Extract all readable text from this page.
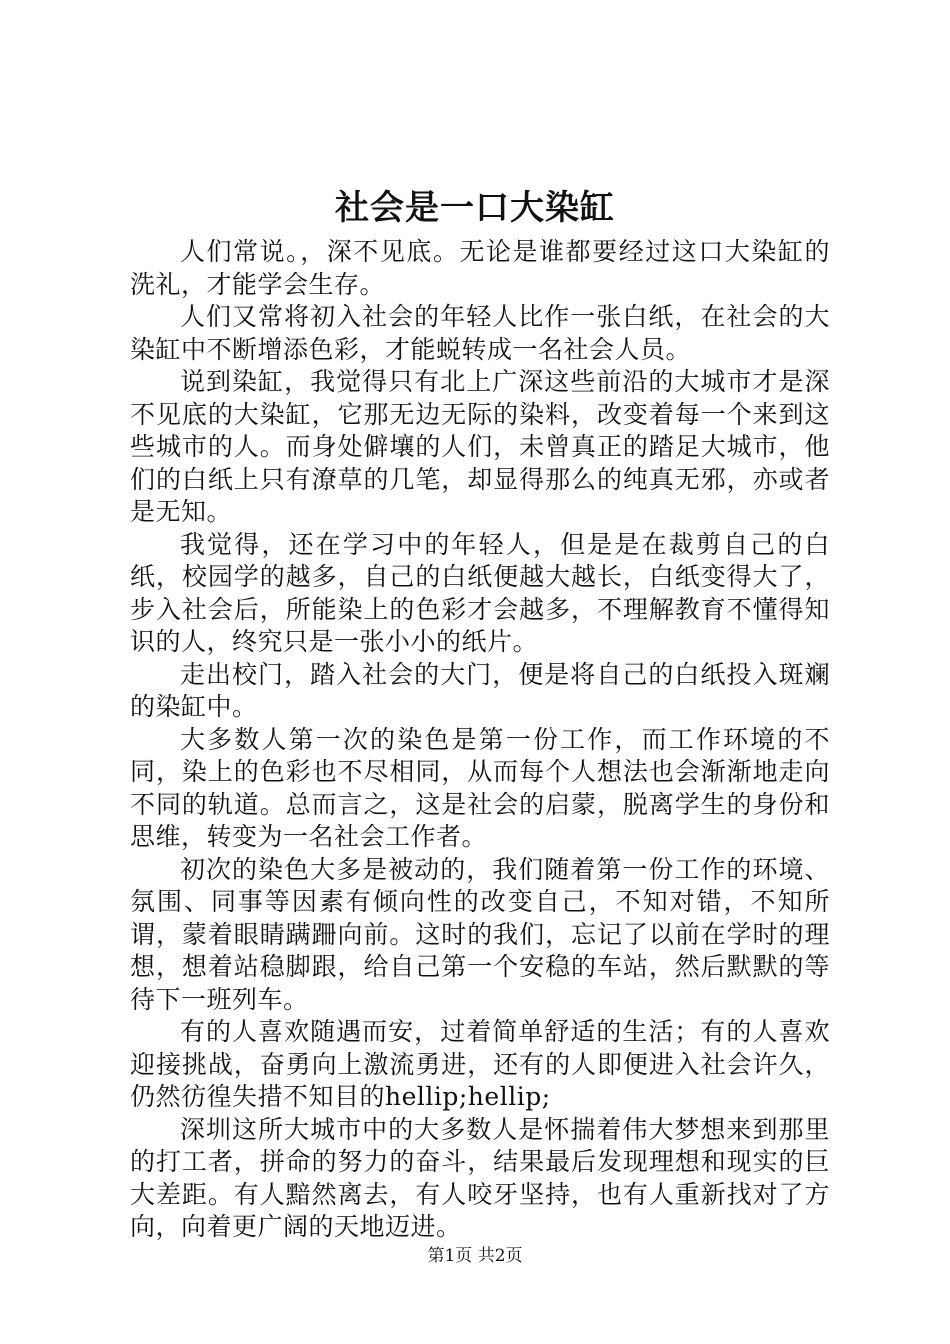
社会是一口大染缸

人们常说。，深不见底。无论是谁都要经过这口大染缸的洗礼，才能学会生存。

人们又常将初入社会的年轻人比作一张白纸，在社会的大染缸中不断增添色彩，才能蜕转成一名社会人员。

说到染缸，我觉得只有北上广深这些前沿的大城市才是深不见底的大染缸，它那无边无际的染料，改变着每一个来到这些城市的人。而身处僻壤的人们，未曾真正的踏足大城市，他们的白纸上只有潦草的几笔，却显得那么的纯真无邪，亦或者是无知。

我觉得，还在学习中的年轻人，但是是在裁剪自己的白纸，校园学的越多，自己的白纸便越大越长，白纸变得大了，步入社会后，所能染上的色彩才会越多，不理解教育不懂得知识的人，终究只是一张小小的纸片。

走出校门，踏入社会的大门，便是将自己的白纸投入斑斓的染缸中。

大多数人第一次的染色是第一份工作，而工作环境的不同，染上的色彩也不尽相同，从而每个人想法也会渐渐地走向不同的轨道。总而言之，这是社会的启蒙，脱离学生的身份和思维，转变为一名社会工作者。

初次的染色大多是被动的，我们随着第一份工作的环境、氛围、同事等因素有倾向性的改变自己，不知对错，不知所谓，蒙着眼睛蹒跚向前。这时的我们，忘记了以前在学时的理想，想着站稳脚跟，给自己第一个安稳的车站，然后默默的等待下一班列车。

有的人喜欢随遇而安，过着简单舒适的生活；有的人喜欢迎接挑战，奋勇向上激流勇进，还有的人即便进入社会许久，仍然彷徨失措不知目的hellip;hellip;

深圳这所大城市中的大多数人是怀揣着伟大梦想来到那里的打工者，拼命的努力的奋斗，结果最后发现理想和现实的巨大差距。有人黯然离去，有人咬牙坚持，也有人重新找对了方向，向着更广阔的天地迈进。

第1页 共2页
